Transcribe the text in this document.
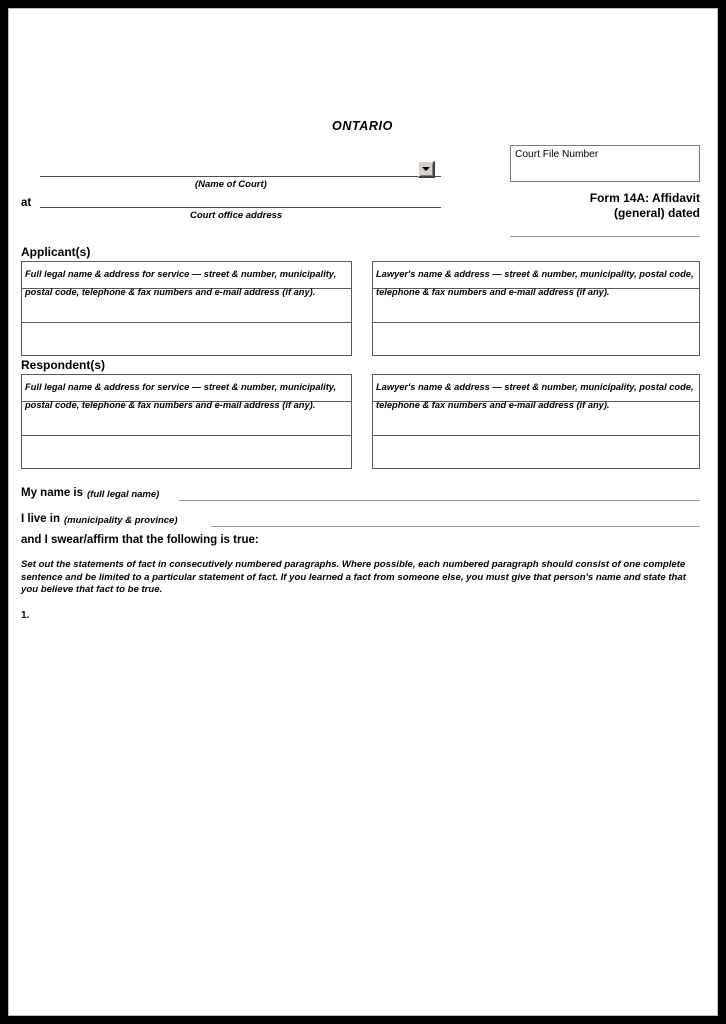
ONTARIO
(Name of Court)
at
Court office address
Court File Number
Form 14A: Affidavit
(general) dated
Applicant(s)
Full legal name & address for service — street & number, municipality, postal code, telephone & fax numbers and e-mail address (if any).
Lawyer's name & address — street & number, municipality, postal code, telephone & fax numbers and e-mail address (if any).
Respondent(s)
Full legal name & address for service — street & number, municipality, postal code, telephone & fax numbers and e-mail address (if any).
Lawyer's name & address — street & number, municipality, postal code, telephone & fax numbers and e-mail address (if any).
My name is (full legal name)
I live in (municipality & province)
and I swear/affirm that the following is true:
Set out the statements of fact in consecutively numbered paragraphs. Where possible, each numbered paragraph should consist of one complete sentence and be limited to a particular statement of fact. If you learned a fact from someone else, you must give that person's name and state that you believe that fact to be true.
1.
